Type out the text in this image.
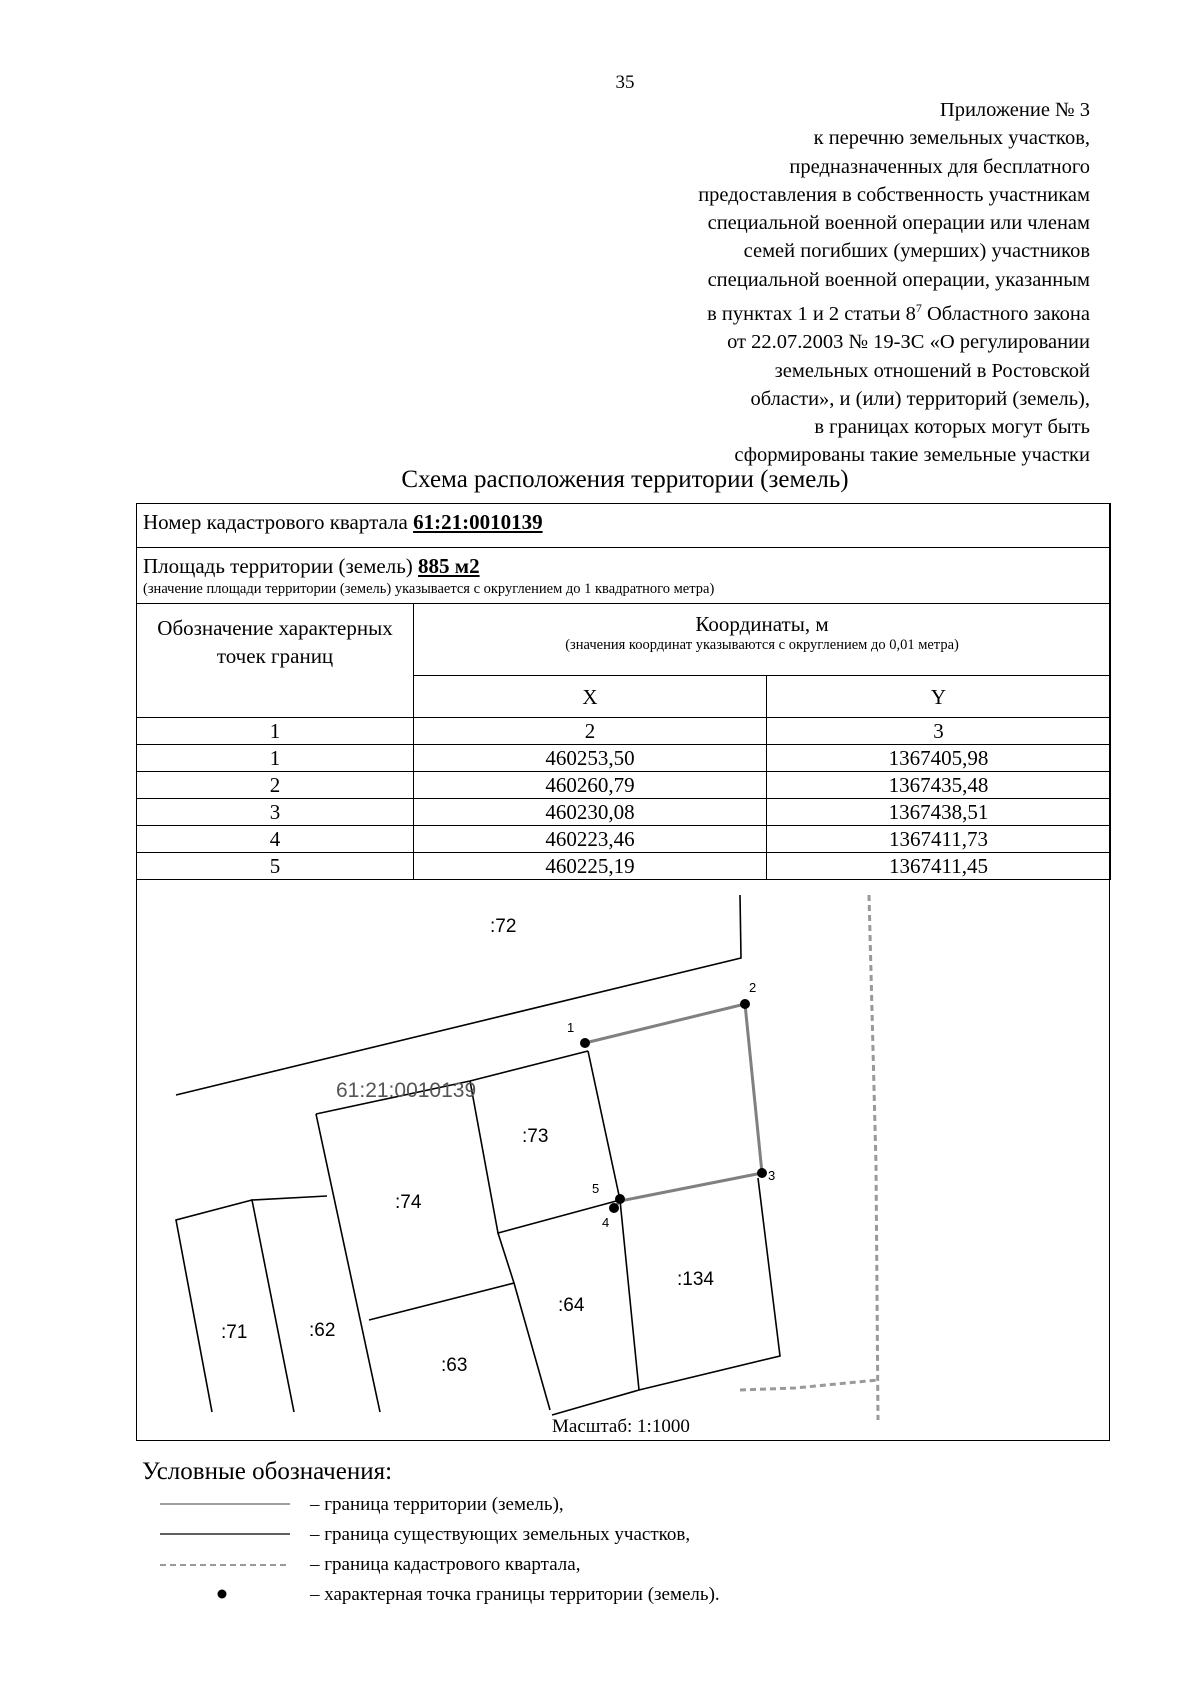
35
Приложение № 3
к перечню земельных участков,
предназначенных для бесплатного
предоставления в собственность участникам
специальной военной операции или членам
семей погибших (умерших) участников
специальной военной операции, указанным
в пунктах 1 и 2 статьи $8^7$ Областного закона
от 22.07.2003 № 19-ЗС «О регулировании
земельных отношений в Ростовской
области», и (или) территорий (земель),
в границах которых могут быть
сформированы такие земельные участки
Схема расположения территории (земель)
Номер кадастрового квартала 61:21:0010139		
Площадь территории (земель) 885 м2
(значение площади территории (земель) указывается с округлением до 1 квадратного метра)		

Обозначение характерных точек границ	Координаты, м
(значения координат указываются с округлением до 0,01 метра)	

	X	Y
1	2	3
1	460253,50	1367405,98
2	460260,79	1367435,48
3	460230,08	1367438,51
4	460223,46	1367411,73
5	460225,19	1367411,45
1
2
3
4
5
:72
:73
:74
:71	:62
:63
:64
:134
61:21:0010139
Масштаб: 1:1000
Условные обозначения:
– граница территории (земель),
– граница существующих земельных участков,
– граница кадастрового квартала,
– характерная точка границы территории (земель).
